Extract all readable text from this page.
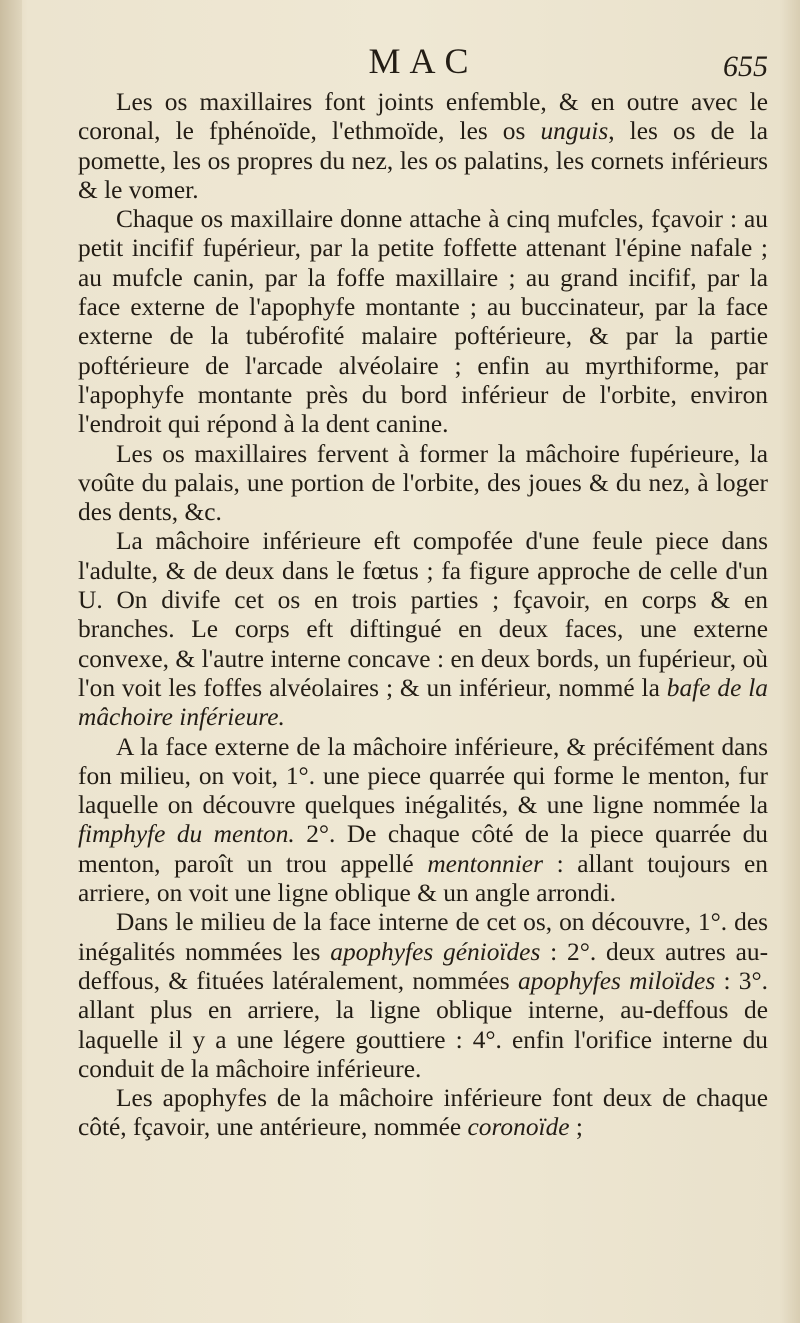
MAC	655

Les os maxillaires font joints enfemble, & en outre avec le coronal, le fphénoïde, l'ethmoïde, les os unguis, les os de la pomette, les os propres du nez, les os palatins, les cornets inférieurs & le vomer.

Chaque os maxillaire donne attache à cinq mufcles, fçavoir : au petit incifif fupérieur, par la petite foffette attenant l'épine nafale ; au mufcle canin, par la foffe maxillaire ; au grand incifif, par la face externe de l'apophyfe montante ; au buccinateur, par la face externe de la tubérofité malaire poftérieure, & par la partie poftérieure de l'arcade alvéolaire ; enfin au myrthiforme, par l'apophyfe montante près du bord inférieur de l'orbite, environ l'endroit qui répond à la dent canine.

Les os maxillaires fervent à former la mâchoire fupérieure, la voûte du palais, une portion de l'orbite, des joues & du nez, à loger des dents, &c.

La mâchoire inférieure eft compofée d'une feule piece dans l'adulte, & de deux dans le fœtus ; fa figure approche de celle d'un U. On divife cet os en trois parties ; fçavoir, en corps & en branches. Le corps eft diftingué en deux faces, une externe convexe, & l'autre interne concave : en deux bords, un fupérieur, où l'on voit les foffes alvéolaires ; & un inférieur, nommé la bafe de la mâchoire inférieure.

A la face externe de la mâchoire inférieure, & précifément dans fon milieu, on voit, 1°. une piece quarrée qui forme le menton, fur laquelle on découvre quelques inégalités, & une ligne nommée la fimphyfe du menton. 2°. De chaque côté de la piece quarrée du menton, paroît un trou appellé mentonnier : allant toujours en arriere, on voit une ligne oblique & un angle arrondi.

Dans le milieu de la face interne de cet os, on découvre, 1°. des inégalités nommées les apophyfes génioïdes : 2°. deux autres au-deffous, & fituées latéralement, nommées apophyfes miloïdes : 3°. allant plus en arriere, la ligne oblique interne, au-deffous de laquelle il y a une légere gouttiere : 4°. enfin l'orifice interne du conduit de la mâchoire inférieure.

Les apophyfes de la mâchoire inférieure font deux de chaque côté, fçavoir, une antérieure, nommée coronoïde ;
